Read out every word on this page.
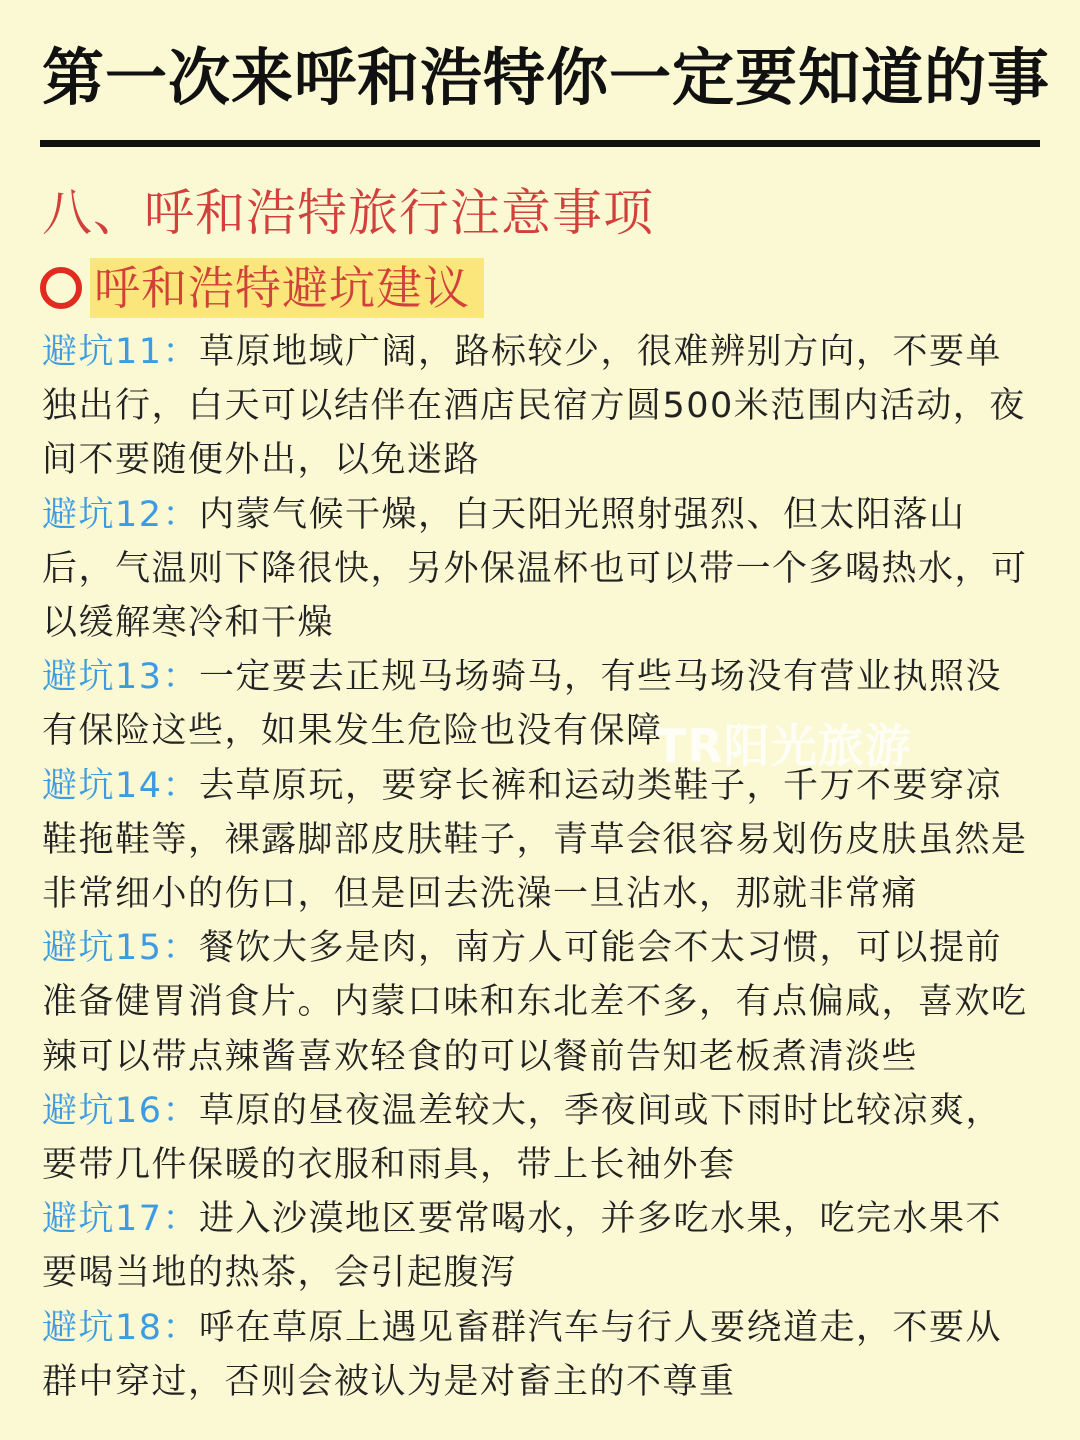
第一次来呼和浩特你一定要知道的事
八、呼和浩特旅行注意事项
呼和浩特避坑建议
避坑11：草原地域广阔，路标较少，很难辨别方向，不要单独出行，白天可以结伴在酒店民宿方圆500米范围内活动，夜间不要随便外出，以免迷路
避坑12：内蒙气候干燥，白天阳光照射强烈、但太阳落山后，气温则下降很快，另外保温杯也可以带一个多喝热水，可以缓解寒冷和干燥
避坑13：一定要去正规马场骑马，有些马场没有营业执照没有保险这些，如果发生危险也没有保障
避坑14：去草原玩，要穿长裤和运动类鞋子，千万不要穿凉鞋拖鞋等，裸露脚部皮肤鞋子，青草会很容易划伤皮肤虽然是非常细小的伤口，但是回去洗澡一旦沾水，那就非常痛
避坑15：餐饮大多是肉，南方人可能会不太习惯，可以提前准备健胃消食片。内蒙口味和东北差不多，有点偏咸，喜欢吃辣可以带点辣酱喜欢轻食的可以餐前告知老板煮清淡些
避坑16：草原的昼夜温差较大，季夜间或下雨时比较凉爽，要带几件保暖的衣服和雨具，带上长袖外套
避坑17：进入沙漠地区要常喝水，并多吃水果，吃完水果不要喝当地的热茶，会引起腹泻
避坑18：呼在草原上遇见畜群汽车与行人要绕道走，不要从群中穿过，否则会被认为是对畜主的不尊重
TR阳光旅游
